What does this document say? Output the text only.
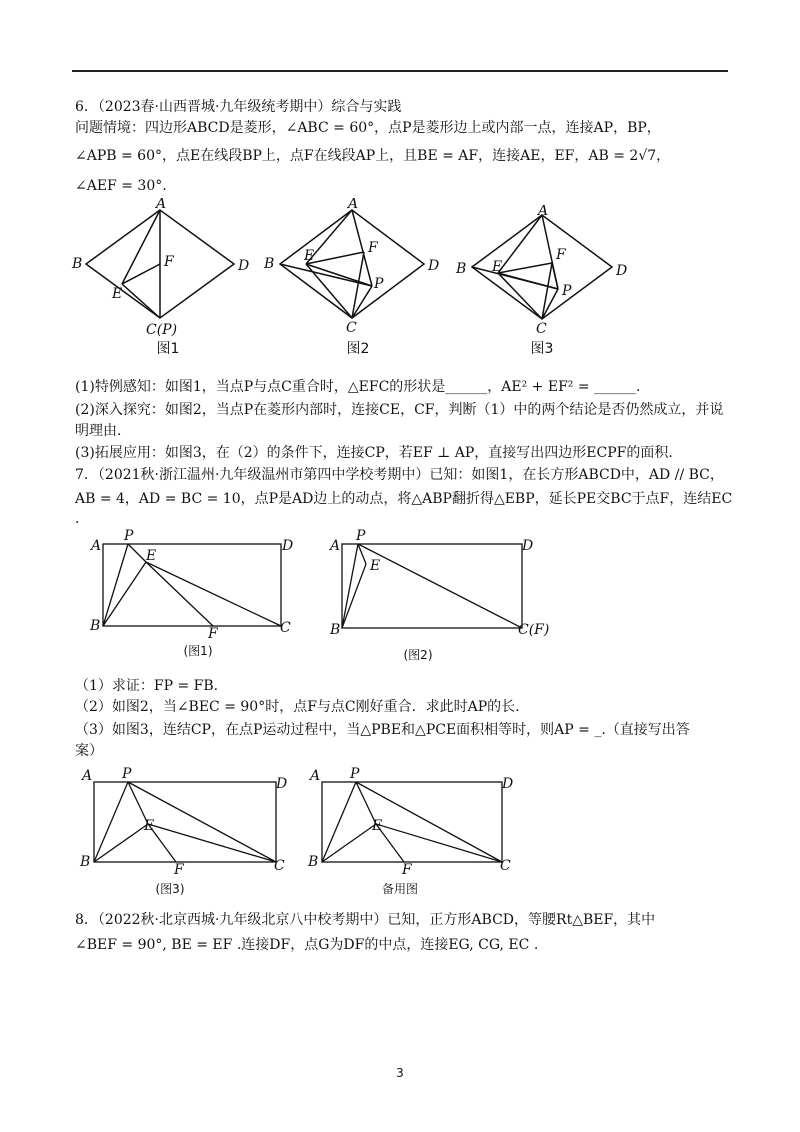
6．（2023春·山西晋城·九年级统考期中）综合与实践
问题情境：四边形ABCD是菱形，∠ABC = 60°，点P是菱形边上或内部一点，连接AP，BP，
∠APB = 60°，点E在线段BP上，点F在线段AP上，且BE = AF，连接AE，EF，AB = 2√7，
∠AEF = 30°.
A
B	D
F
E
C(P)
图1
A
B	D
E	F
P
C
图2
A
B	D
E
F
P
C
图3
(1)特例感知：如图1，当点P与点C重合时，△EFC的形状是______，AE² + EF² = ______.
(2)深入探究：如图2，当点P在菱形内部时，连接CE，CF，判断（1）中的两个结论是否仍然成立，并说
明理由.
(3)拓展应用：如图3，在（2）的条件下，连接CP，若EF ⊥ AP，直接写出四边形ECPF的面积.
7．（2021秋·浙江温州·九年级温州市第四中学校考期中）已知：如图1，在长方形ABCD中，AD // BC，
AB = 4，AD = BC = 10，点P是AD边上的动点，将△ABP翻折得△EBP，延长PE交BC于点F，连结EC
.
A
P
E
D
B	F	C
(图1)
A
P
E
D
B	C(F)
(图2)
（1）求证：FP = FB.
（2）如图2，当∠BEC = 90°时，点F与点C刚好重合．求此时AP的长.
（3）如图3，连结CP，在点P运动过程中，当△PBE和△PCE面积相等时，则AP = _.（直接写出答
案）
A P
E
D
B	F	C
(图3)
A P
E
D
B	F	C
备用图
8．（2022秋·北京西城·九年级北京八中校考期中）已知，正方形ABCD，等腰Rt△BEF，其中
∠BEF = 90°, BE = EF .连接DF，点G为DF的中点，连接EG, CG, EC .
3
